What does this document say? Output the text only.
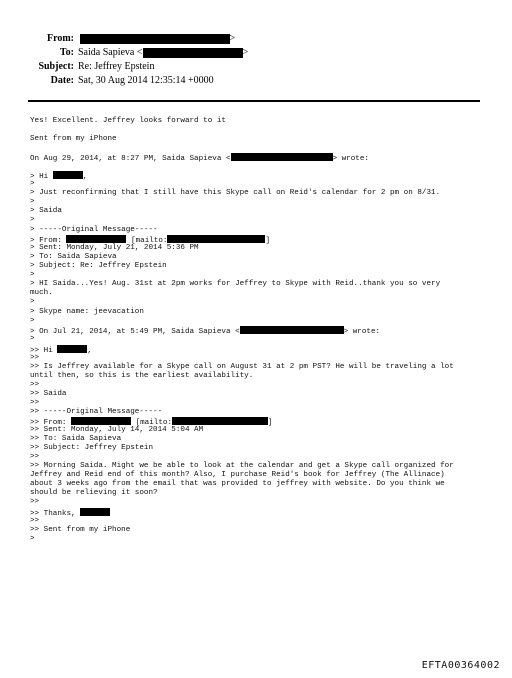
From:	>
To: Saida Sapieva <	>
Subject: Re: Jeffrey Epstein
Date: Sat, 30 Aug 2014 12:35:14 +0000
Yes! Excellent. Jeffrey looks forward to it
Sent from my iPhone
On Aug 29, 2014, at 8:27 PM, Saida Sapieva <	> wrote:
> Hi	,
>
> Just reconfirming that I still have this Skype call on Reid's calendar for 2 pm on 8/31.
>
> Saida
>
> -----Original Message-----
> From:	[mailto:	]
> Sent: Monday, July 21, 2014 5:36 PM
> To: Saida Sapieva
> Subject: Re: Jeffrey Epstein
>
> HI Saida...Yes! Aug. 31st at 2pm works for Jeffrey to Skype with Reid..thank you so very
much.
>
> Skype name: jeevacation
>
> On Jul 21, 2014, at 5:49 PM, Saida Sapieva <	> wrote:
>
>> Hi	,
>>
>> Is Jeffrey available for a Skype call on August 31 at 2 pm PST? He will be traveling a lot
until then, so this is the earliest availability.
>>
>> Saida
>>
>> -----Original Message-----
>> From:	[mailto:	]
>> Sent: Monday, July 14, 2014 5:04 AM
>> To: Saida Sapieva
>> Subject: Jeffrey Epstein
>>
>> Morning Saida. Might we be able to look at the calendar and get a Skype call organized for
Jeffrey and Reid end of this month? Also, I purchase Reid's book for Jeffrey (The Allinace)
about 3 weeks ago from the email that was provided to jeffrey with website. Do you think we
should be relieving it soon?
>>
>> Thanks,
>>
>> Sent from my iPhone
>
EFTA00364002
